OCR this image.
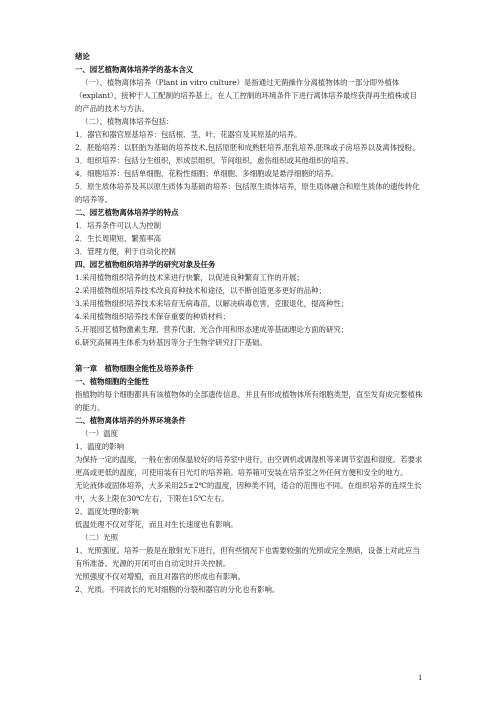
绪论

一、园艺植物离体培养学的基本含义

（一）、植物离体培养（Plant in vitro culture）是指通过无菌操作分离植物体的一部分即外植体（explant），接种于人工配制的培养基上，在人工控制的环境条件下进行离体培养最终获得再生植株或目的产品的技术与方法。

（二）、植物离体培养包括：

1．器官和器官原基培养：包括根、茎、叶、花器官及其原基的培养。

2．胚胎培养：以胚胎为基础的培养技术,包括原胚和成熟胚培养,胚乳培养,胚珠或子房培养以及离体授粉。

3．组织培养：包括分生组织，形成层组织，节间组织，愈伤组织或其他组织的培养。

4．细胞培养：包括单细胞、花粉性细胞；单细胞、多细胞或是悬浮细胞的培养。

5．原生质体培养及其以原生质体为基础的培养：包括原生质体培养，原生质体融合和原生质体的遗传转化的培养等。

二、园艺植物离体培养学的特点

1．培养条件可以人为控制

2．生长周期短、繁殖率高

3．管理方便，利于自动化控制

四、园艺植物组织培养学的研究对象及任务

1.采用植物组织培养的技术来进行快繁，以促进良种繁育工作的开展；

2.采用植物组织培养技术改良育种技术和途径，以不断创造更多更好的品种；

3.采用植物组织培养技术来培育无病毒苗，以解决病毒危害，克服退化，提高种性；

4.采用植物组织培养技术保存重要的种质材料；

5.开展园艺植物激素生理、营养代谢、光合作用和形态建成等基础理论方面的研究；

6.研究高频再生体系为转基因等分子生物学研究打下基础。

第一章　植物细胞全能性及培养条件

一、植物细胞的全能性

指植物的每个细胞都具有该植物体的全部遗传信息，并且有形成植物体所有细胞类型，直至发育成完整植株的能力。

二、植物离体培养的外界环境条件

（一）温度

1、温度的影响

为保持一定的温度，一般在密闭保温较好的培养室中进行，由空调机或调湿机等来调节室温和湿度。若要求更高或更低的温度，可使用装有日光灯的培养箱。培养箱可安装在培养室之外任何方便和安全的地方。

无论液体或固体培养，大多采用25±2℃的温度，因种类不同，适合的范围也不同。在组织培养的连续生长中，大多上限在30℃左右，下限在15℃左右。

2、温度处理的影响

低温处理不仅对芽花，而且对生长速度也有影响。

（二）光照

1、光照强度。培养一般是在散射光下进行，但有些情况下也需要较强的光照或完全黑暗，设备上对此应当有所准备。光源的开闭可由自动定时开关控制。

光照强度不仅对增殖，而且对器官的形成也有影响。

2、光质。不同波长的光对细胞的分裂和器官的分化也有影响。

1
